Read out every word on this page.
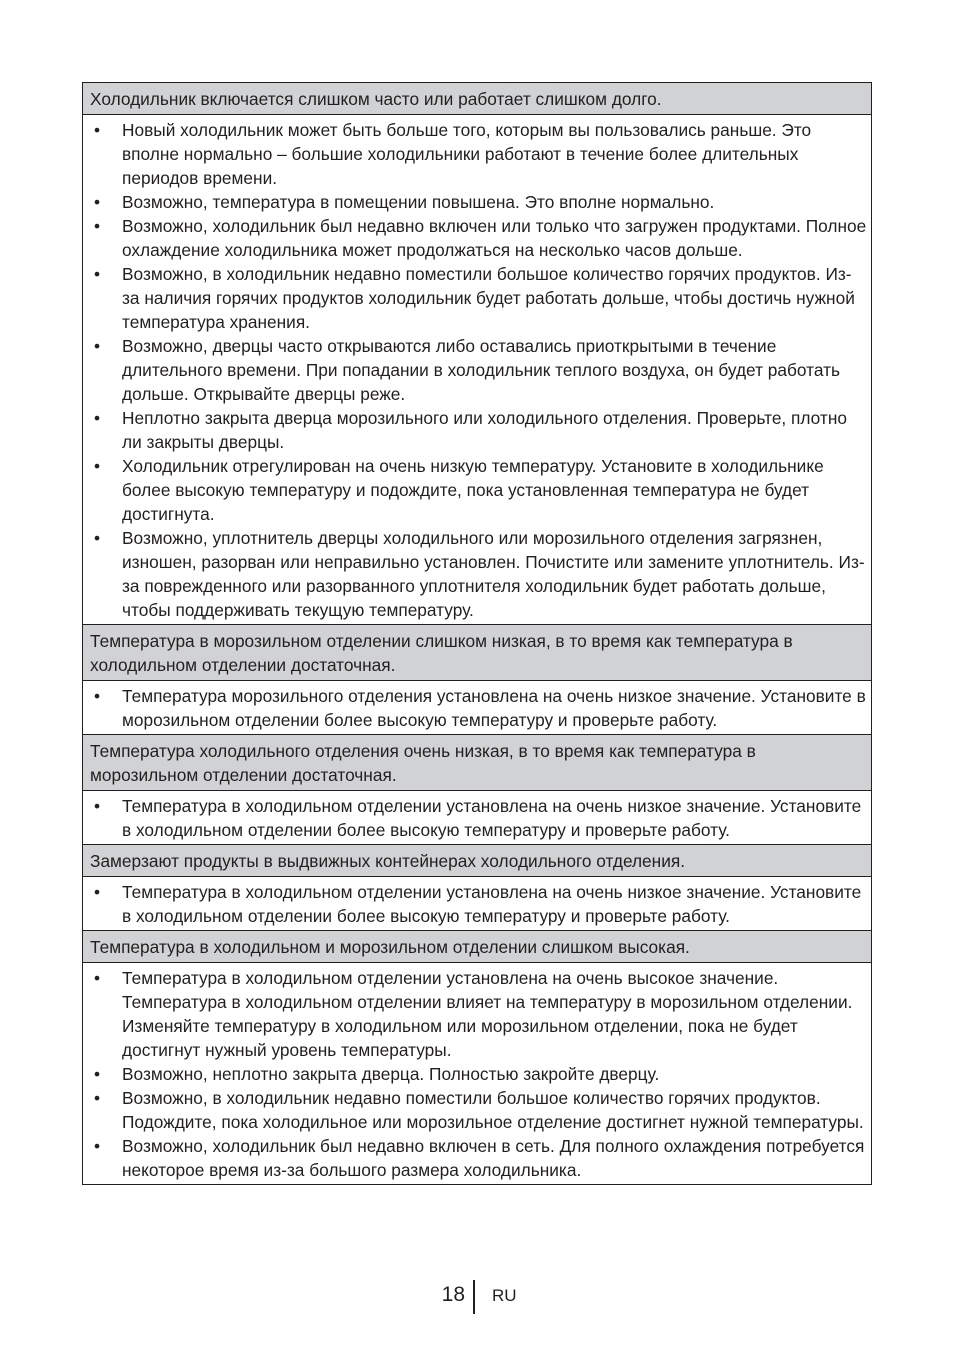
Холодильник включается слишком часто или работает слишком долго.
• Новый холодильник может быть больше того, которым вы пользовались раньше. Это вполне нормально – большие холодильники работают в течение более длительных периодов времени.
• Возможно, температура в помещении повышена. Это вполне нормально.
• Возможно, холодильник был недавно включен или только что загружен продуктами. Полное охлаждение холодильника может продолжаться на несколько часов дольше.
• Возможно, в холодильник недавно поместили большое количество горячих продуктов. Из-за наличия горячих продуктов холодильник будет работать дольше, чтобы достичь нужной температура хранения.
• Возможно, дверцы часто открываются либо оставались приоткрытыми в течение длительного времени. При попадании в холодильник теплого воздуха, он будет работать дольше. Открывайте дверцы реже.
• Неплотно закрыта дверца морозильного или холодильного отделения. Проверьте, плотно ли закрыты дверцы.
• Холодильник отрегулирован на очень низкую температуру. Установите в холодильнике более высокую температуру и подождите, пока установленная температура не будет достигнута.
• Возможно, уплотнитель дверцы холодильного или морозильного отделения загрязнен, изношен, разорван или неправильно установлен. Почистите или замените уплотнитель. Из-за поврежденного или разорванного уплотнителя холодильник будет работать дольше, чтобы поддерживать текущую температуру.
Температура в морозильном отделении слишком низкая, в то время как температура в холодильном отделении достаточная.
• Температура морозильного отделения установлена на очень низкое значение. Установите в морозильном отделении более высокую температуру и проверьте работу.
Температура холодильного отделения очень низкая, в то время как температура в морозильном отделении достаточная.
• Температура в холодильном отделении установлена на очень низкое значение. Установите в холодильном отделении более высокую температуру и проверьте работу.
Замерзают продукты в выдвижных контейнерах холодильного отделения.
• Температура в холодильном отделении установлена на очень низкое значение. Установите в холодильном отделении более высокую температуру и проверьте работу.
Температура в холодильном и морозильном отделении слишком высокая.
• Температура в холодильном отделении установлена на очень высокое значение. Температура в холодильном отделении влияет на температуру в морозильном отделении. Изменяйте температуру в холодильном или морозильном отделении, пока не будет достигнут нужный уровень температуры.
• Возможно, неплотно закрыта дверца. Полностью закройте дверцу.
• Возможно, в холодильник недавно поместили большое количество горячих продуктов. Подождите, пока холодильное или морозильное отделение достигнет нужной температуры.
• Возможно, холодильник был недавно включен в сеть. Для полного охлаждения потребуется некоторое время из-за большого размера холодильника.
18 RU
